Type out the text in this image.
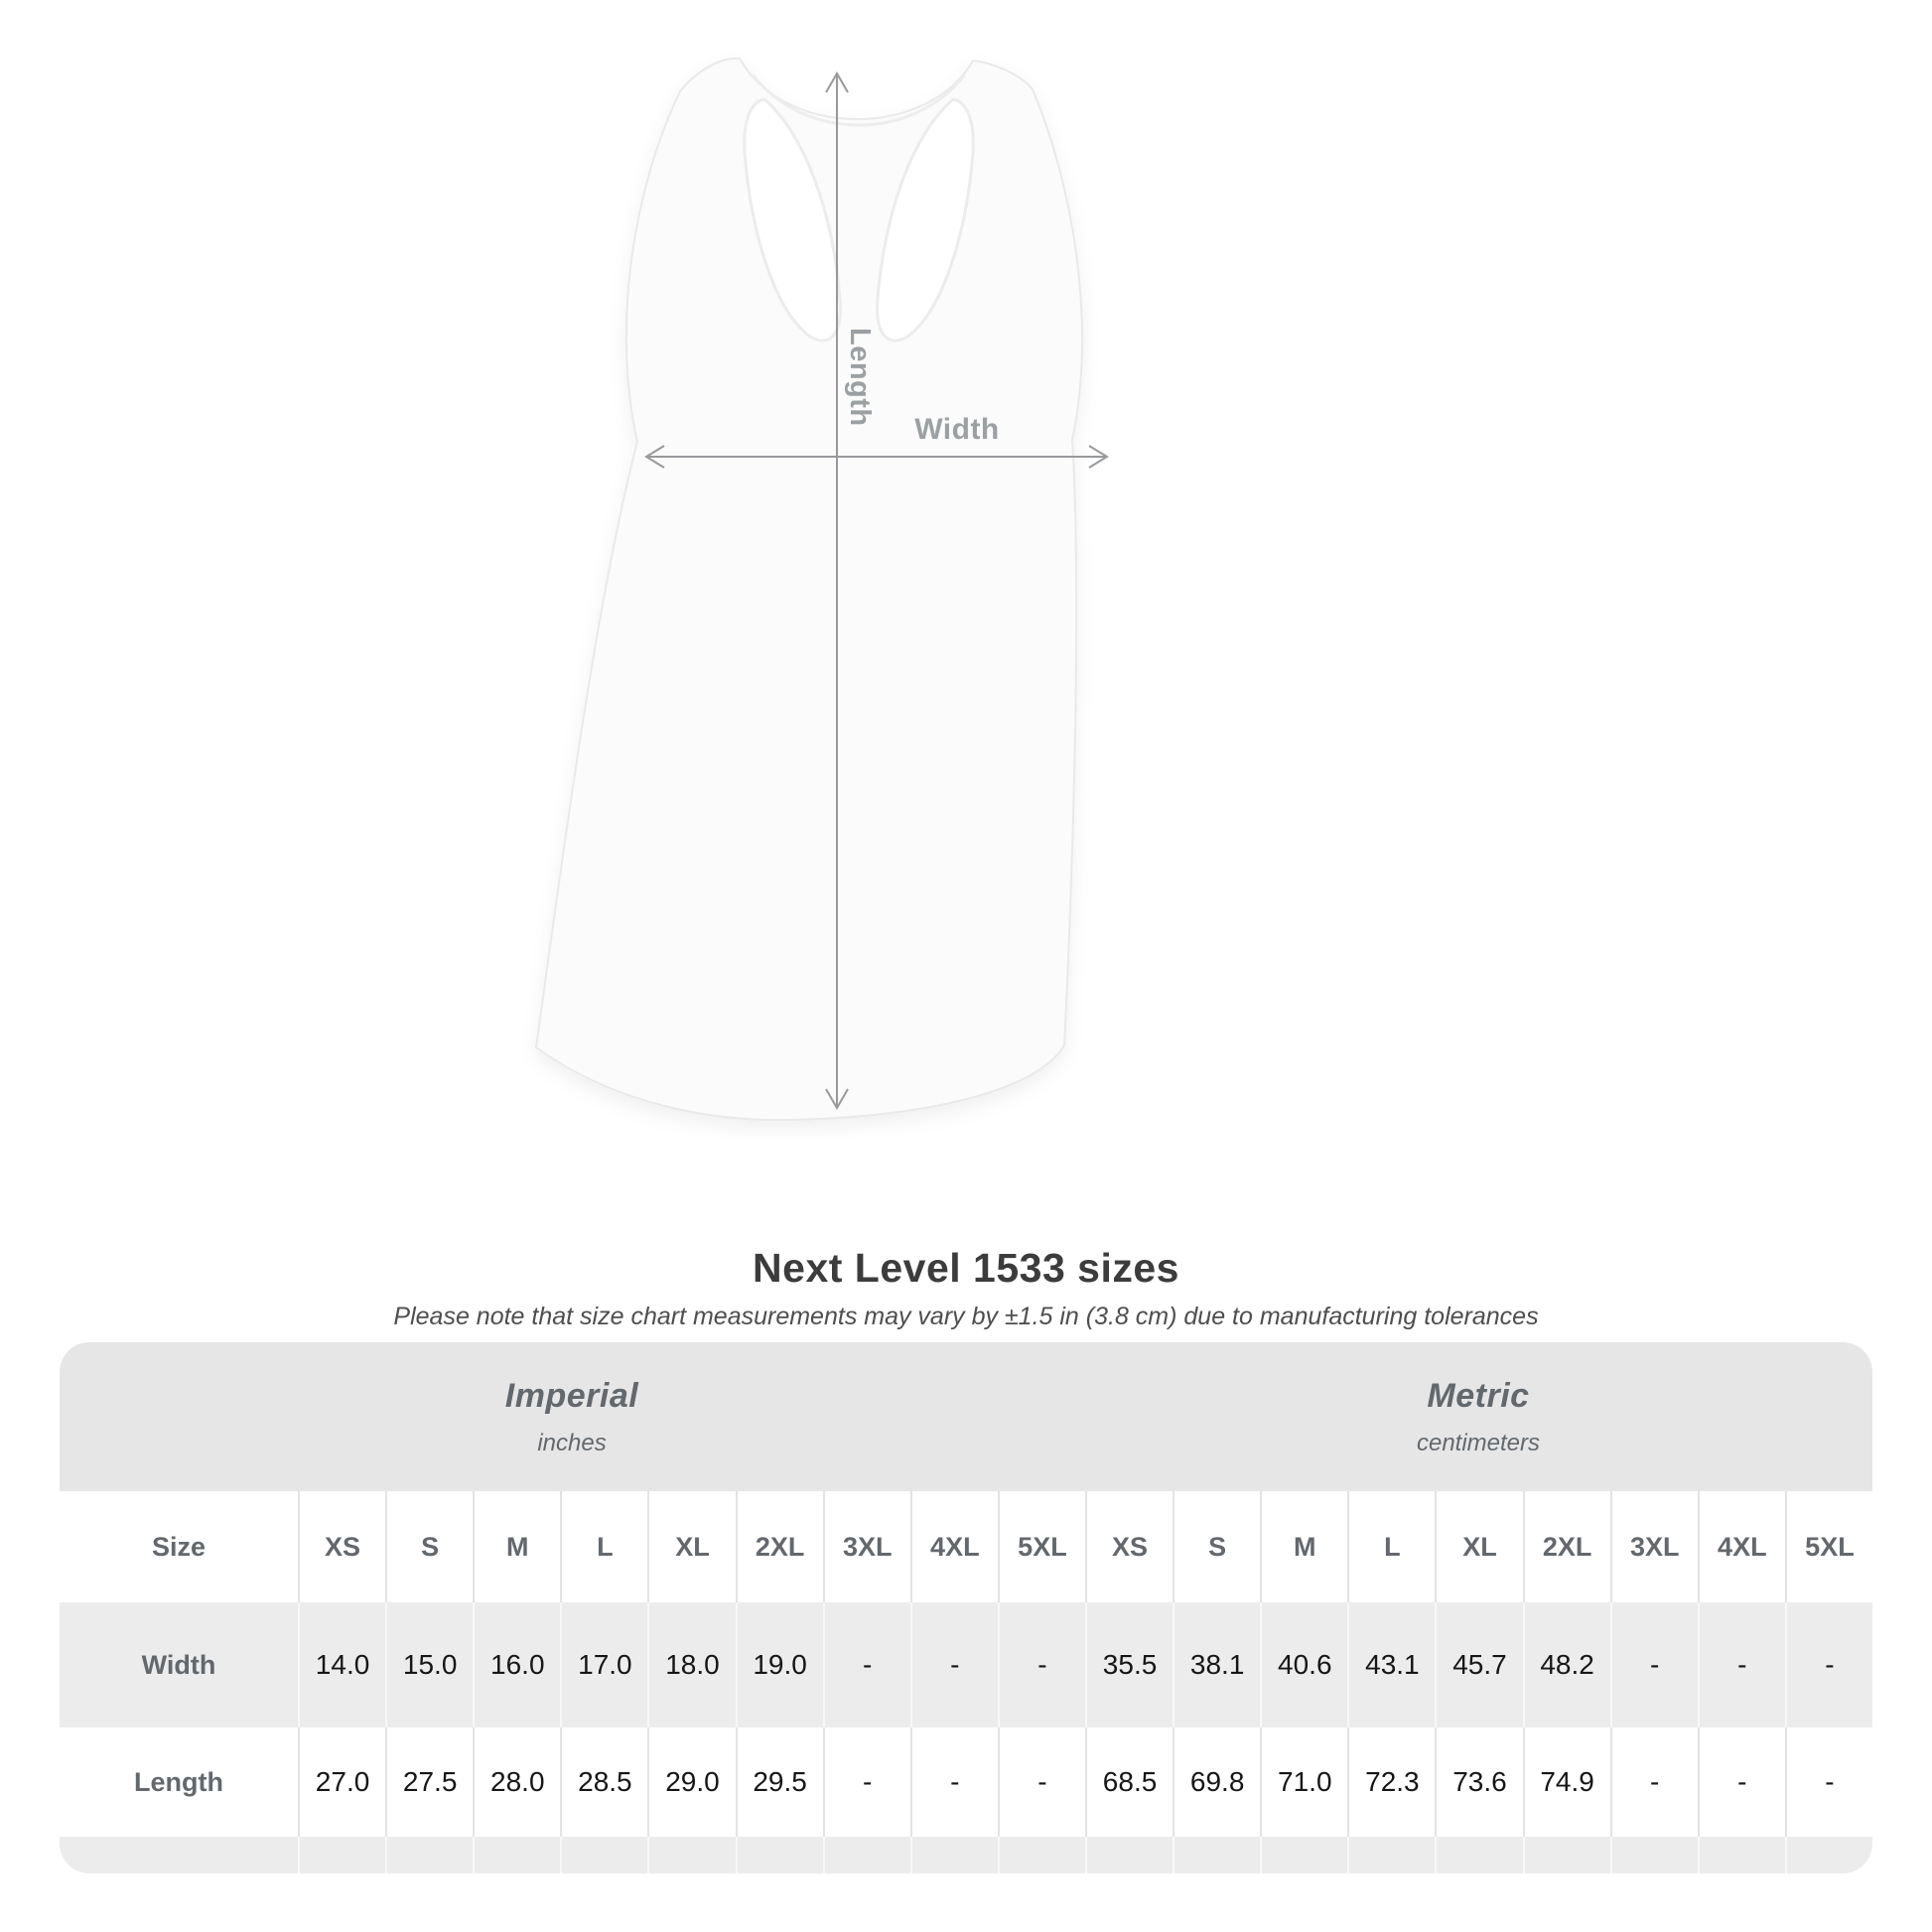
Length
Width
Next Level 1533 sizes

Please note that size chart measurements may vary by ±1.5 in (3.8 cm) due to manufacturing tolerances

Imperial
inches
Metric
centimeters
Size	XS	S	M	L	XL	2XL	3XL	4XL	5XL	XS	S	M	L	XL	2XL	3XL	4XL	5XL
Width	14.0	15.0	16.0	17.0	18.0	19.0	-	-	-	35.5	38.1	40.6	43.1	45.7	48.2	-	-	-
Length	27.0	27.5	28.0	28.5	29.0	29.5	-	-	-	68.5	69.8	71.0	72.3	73.6	74.9	-	-	-
